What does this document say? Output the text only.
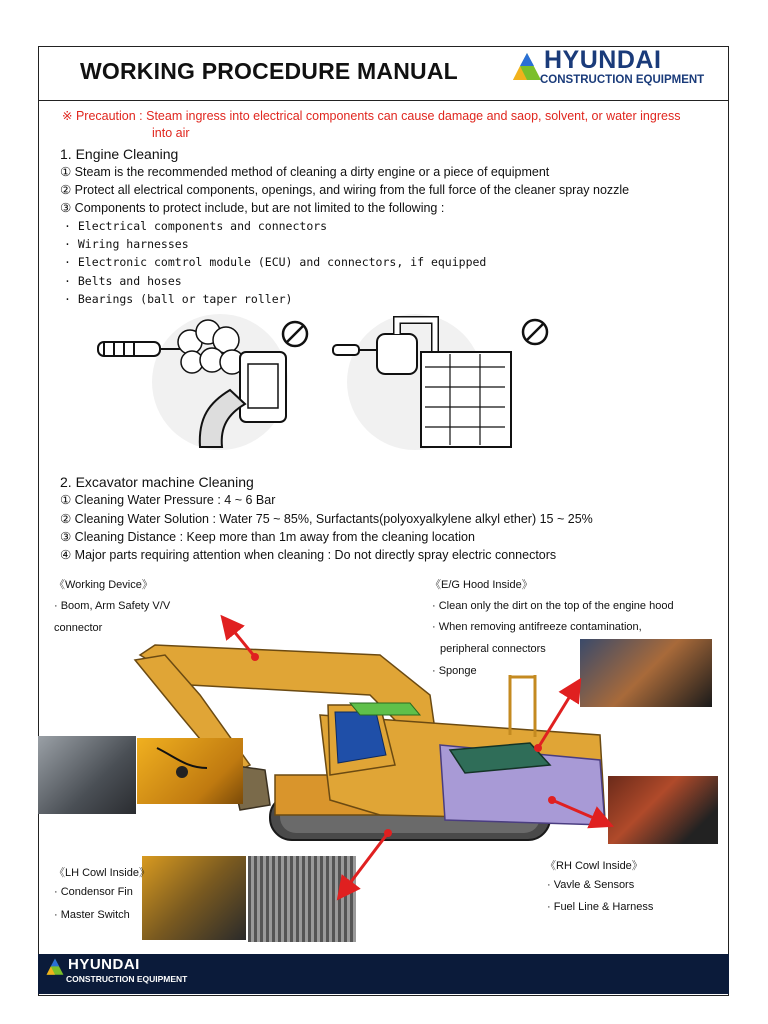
WORKING PROCEDURE MANUAL	HYUNDAI
CONSTRUCTION EQUIPMENT
※ Precaution : Steam ingress into electrical components can cause damage and saop, solvent, or water ingress
into air
1. Engine Cleaning
① Steam is the recommended method of cleaning a dirty engine or a piece of equipment
② Protect all electrical components, openings, and wiring from the full force of the cleaner spray nozzle
③ Components to protect include, but are not limited to the following :
· Electrical components and connectors
· Wiring harnesses
· Electronic comtrol module (ECU) and connectors, if equipped
· Belts and hoses
· Bearings (ball or taper roller)
2. Excavator machine Cleaning
① Cleaning Water Pressure : 4 ~ 6 Bar
② Cleaning Water Solution : Water 75 ~ 85%, Surfactants(polyoxyalkylene alkyl ether) 15 ~ 25%
③ Cleaning Distance : Keep more than 1m away from the cleaning location
④ Major parts requiring attention when cleaning : Do not directly spray electric connectors
《Working Device》
· Boom, Arm Safety V/V
connector
《E/G Hood Inside》
· Clean only the dirt on the top of the engine hood
· When removing antifreeze contamination,
peripheral connectors
· Sponge
《LH Cowl Inside》
· Condensor Fin
· Master Switch
《RH Cowl Inside》
· Vavle & Sensors
· Fuel Line & Harness
HYUNDAI
CONSTRUCTION EQUIPMENT
